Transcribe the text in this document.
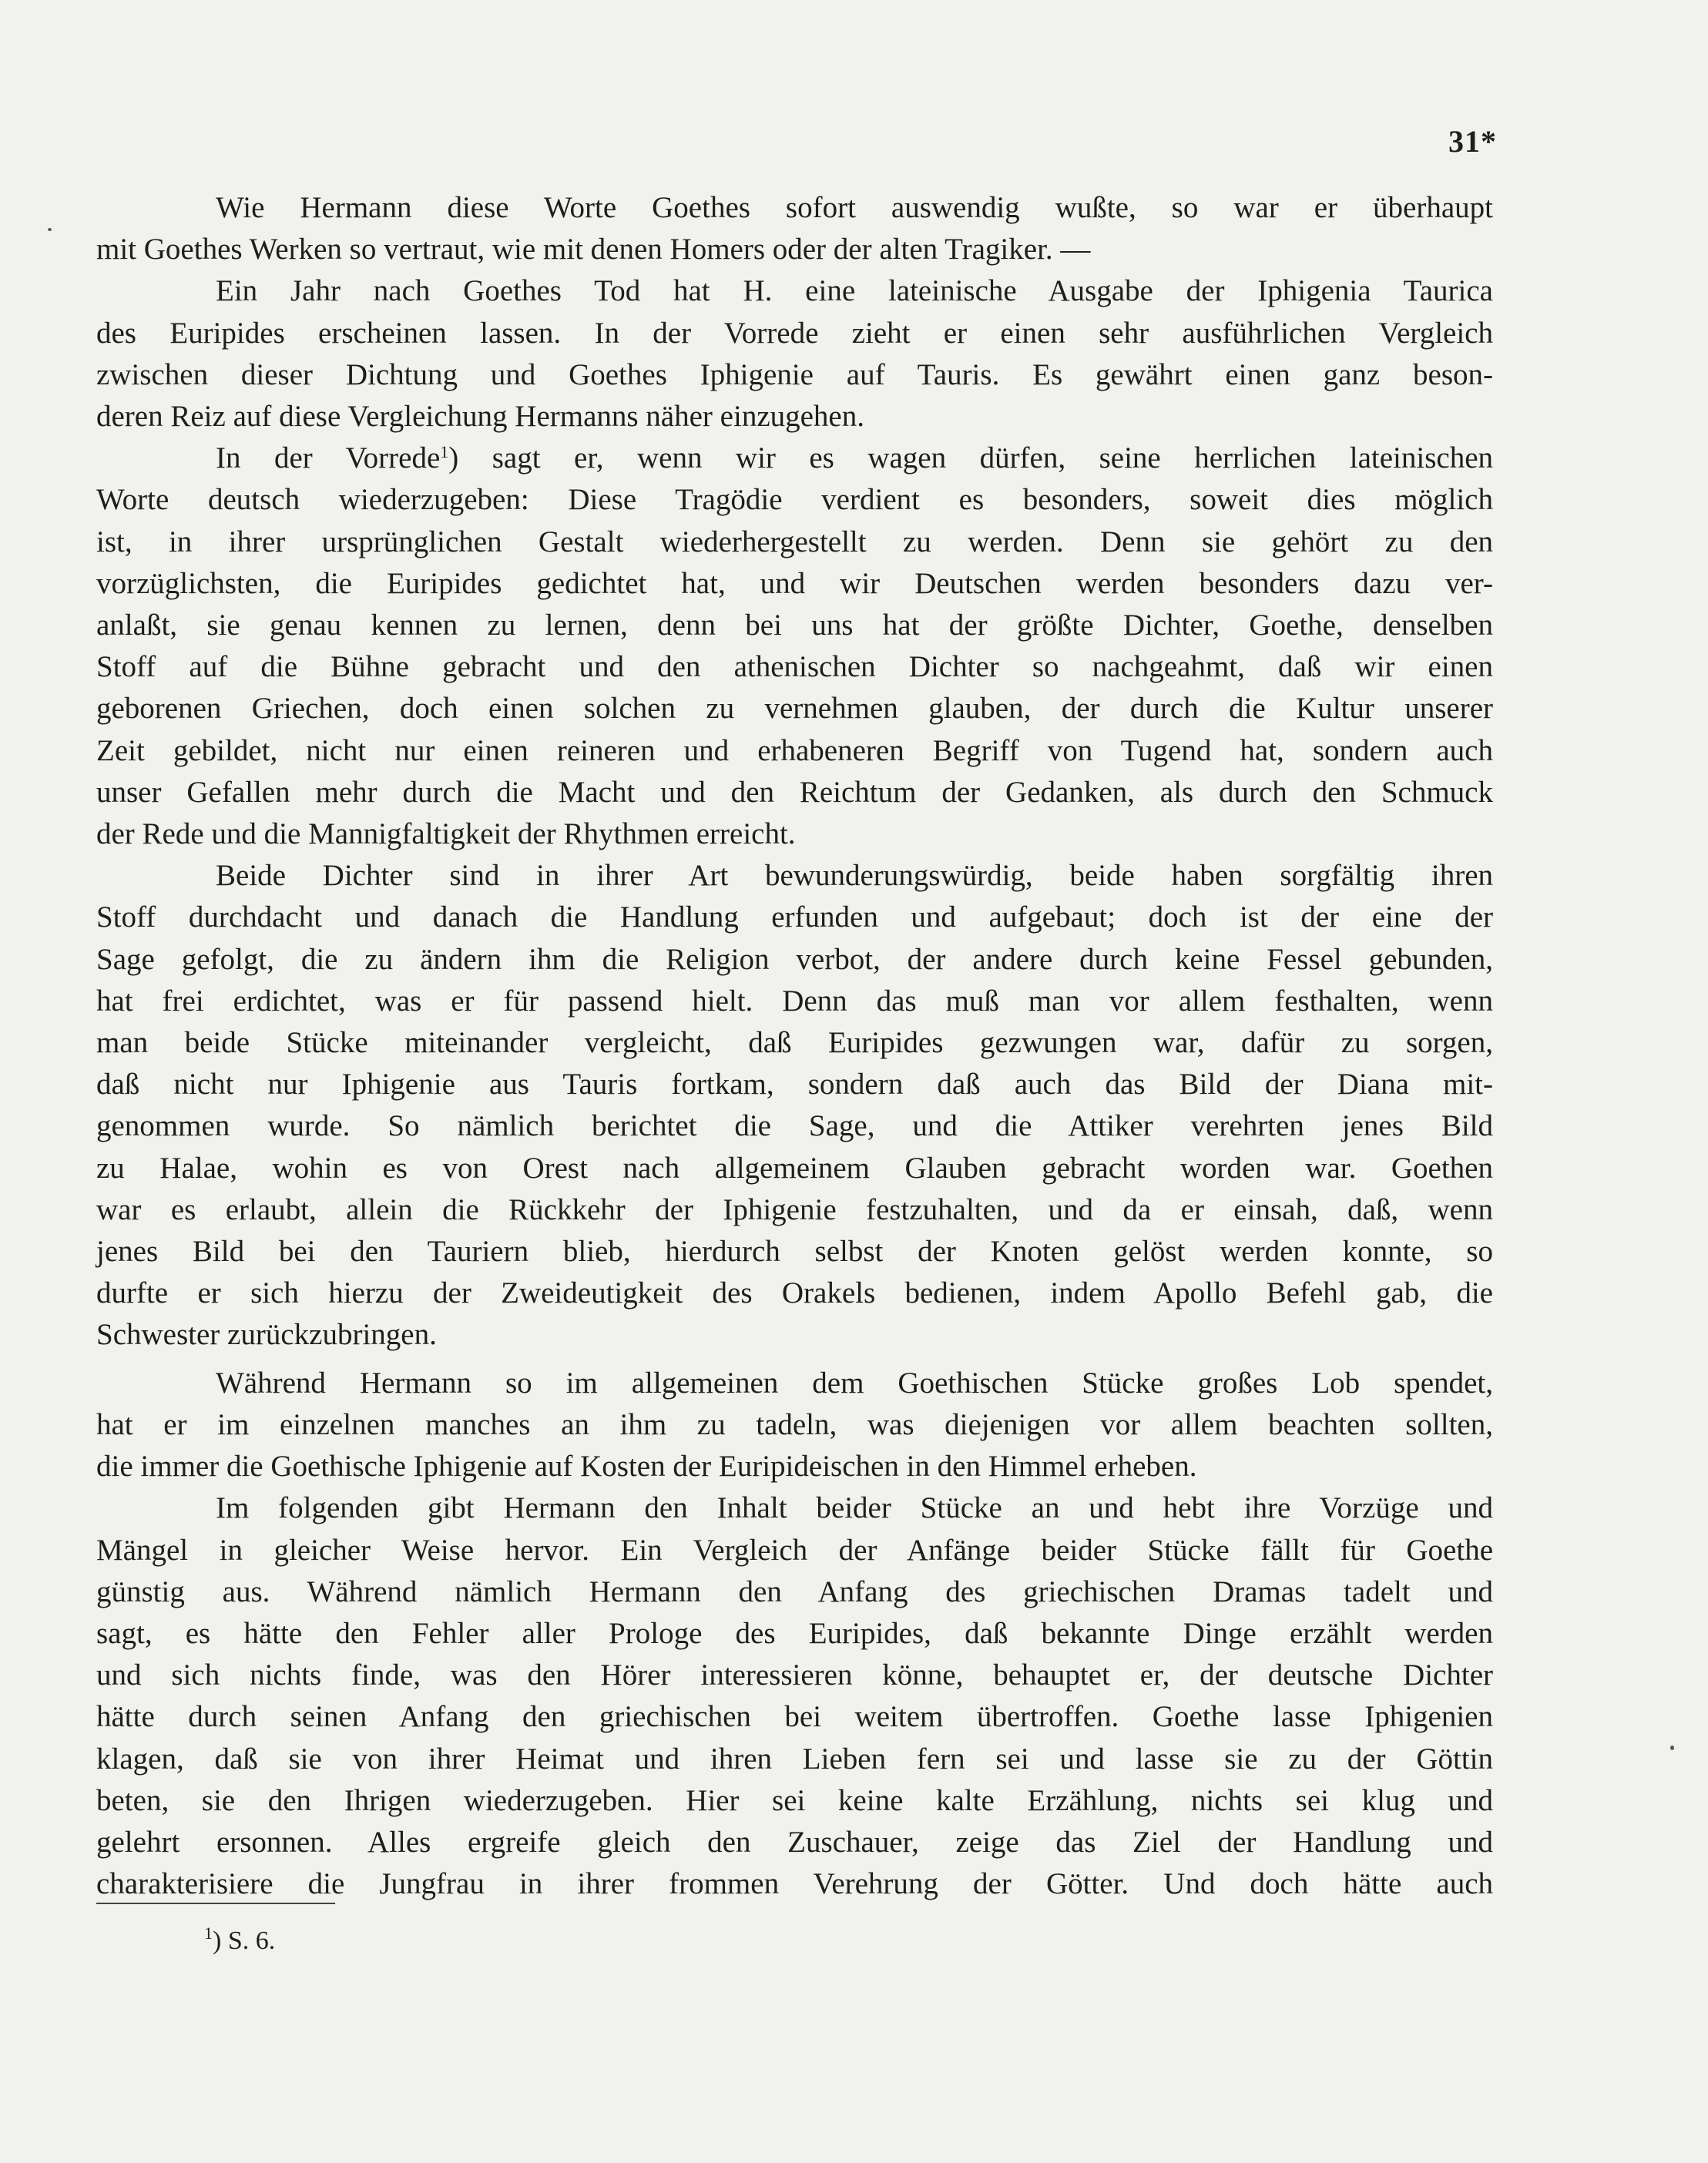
31*

Wie Hermann diese Worte Goethes sofort auswendig wußte, so war er überhaupt

mit Goethes Werken so vertraut, wie mit denen Homers oder der alten Tragiker. —

Ein Jahr nach Goethes Tod hat H. eine lateinische Ausgabe der Iphigenia Taurica

des Euripides erscheinen lassen. In der Vorrede zieht er einen sehr ausführlichen Vergleich

zwischen dieser Dichtung und Goethes Iphigenie auf Tauris. Es gewährt einen ganz beson-

deren Reiz auf diese Vergleichung Hermanns näher einzugehen.

In der Vorrede$^1$) sagt er, wenn wir es wagen dürfen, seine herrlichen lateinischen

Worte deutsch wiederzugeben: Diese Tragödie verdient es besonders, soweit dies möglich

ist, in ihrer ursprünglichen Gestalt wiederhergestellt zu werden. Denn sie gehört zu den

vorzüglichsten, die Euripides gedichtet hat, und wir Deutschen werden besonders dazu ver-

anlaßt, sie genau kennen zu lernen, denn bei uns hat der größte Dichter, Goethe, denselben

Stoff auf die Bühne gebracht und den athenischen Dichter so nachgeahmt, daß wir einen

geborenen Griechen, doch einen solchen zu vernehmen glauben, der durch die Kultur unserer

Zeit gebildet, nicht nur einen reineren und erhabeneren Begriff von Tugend hat, sondern auch

unser Gefallen mehr durch die Macht und den Reichtum der Gedanken, als durch den Schmuck

der Rede und die Mannigfaltigkeit der Rhythmen erreicht.

Beide Dichter sind in ihrer Art bewunderungswürdig, beide haben sorgfältig ihren

Stoff durchdacht und danach die Handlung erfunden und aufgebaut; doch ist der eine der

Sage gefolgt, die zu ändern ihm die Religion verbot, der andere durch keine Fessel gebunden,

hat frei erdichtet, was er für passend hielt. Denn das muß man vor allem festhalten, wenn

man beide Stücke miteinander vergleicht, daß Euripides gezwungen war, dafür zu sorgen,

daß nicht nur Iphigenie aus Tauris fortkam, sondern daß auch das Bild der Diana mit-

genommen wurde. So nämlich berichtet die Sage, und die Attiker verehrten jenes Bild

zu Halae, wohin es von Orest nach allgemeinem Glauben gebracht worden war. Goethen

war es erlaubt, allein die Rückkehr der Iphigenie festzuhalten, und da er einsah, daß, wenn

jenes Bild bei den Tauriern blieb, hierdurch selbst der Knoten gelöst werden konnte, so

durfte er sich hierzu der Zweideutigkeit des Orakels bedienen, indem Apollo Befehl gab, die

Schwester zurückzubringen.

Während Hermann so im allgemeinen dem Goethischen Stücke großes Lob spendet,

hat er im einzelnen manches an ihm zu tadeln, was diejenigen vor allem beachten sollten,

die immer die Goethische Iphigenie auf Kosten der Euripideischen in den Himmel erheben.

Im folgenden gibt Hermann den Inhalt beider Stücke an und hebt ihre Vorzüge und

Mängel in gleicher Weise hervor. Ein Vergleich der Anfänge beider Stücke fällt für Goethe

günstig aus. Während nämlich Hermann den Anfang des griechischen Dramas tadelt und

sagt, es hätte den Fehler aller Prologe des Euripides, daß bekannte Dinge erzählt werden

und sich nichts finde, was den Hörer interessieren könne, behauptet er, der deutsche Dichter

hätte durch seinen Anfang den griechischen bei weitem übertroffen. Goethe lasse Iphigenien

klagen, daß sie von ihrer Heimat und ihren Lieben fern sei und lasse sie zu der Göttin

beten, sie den Ihrigen wiederzugeben. Hier sei keine kalte Erzählung, nichts sei klug und

gelehrt ersonnen. Alles ergreife gleich den Zuschauer, zeige das Ziel der Handlung und

charakterisiere die Jungfrau in ihrer frommen Verehrung der Götter. Und doch hätte auch

$^1$) S. 6.
